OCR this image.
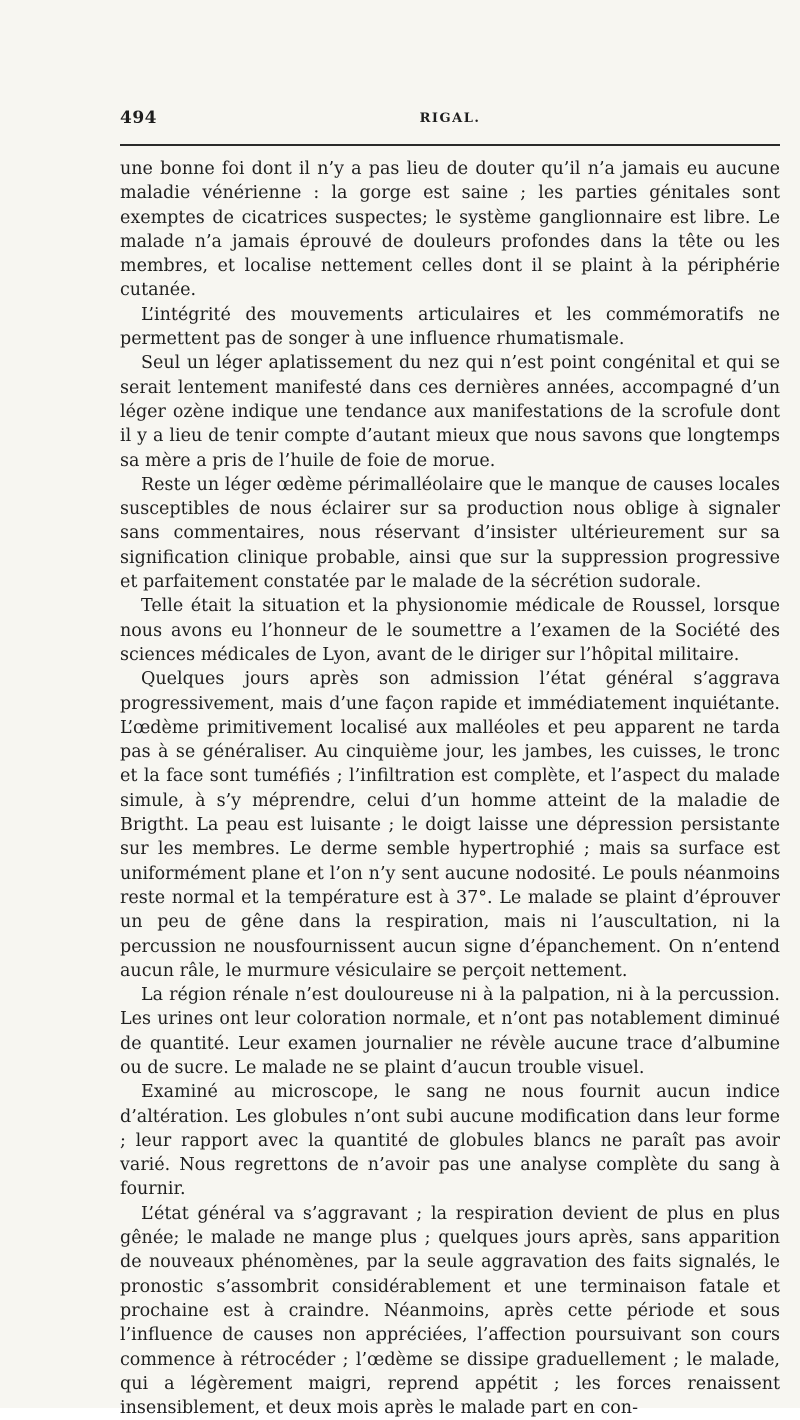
494	RIGAL.

une bonne foi dont il n’y a pas lieu de douter qu’il n’a jamais eu aucune maladie vénérienne : la gorge est saine ; les parties génitales sont exemptes de cicatrices suspectes; le système ganglionnaire est libre. Le malade n’a jamais éprouvé de douleurs profondes dans la tête ou les membres, et localise nettement celles dont il se plaint à la périphérie cutanée.

L’intégrité des mouvements articulaires et les commémoratifs ne permettent pas de songer à une influence rhumatismale.

Seul un léger aplatissement du nez qui n’est point congénital et qui se serait lentement manifesté dans ces dernières années, accompagné d’un léger ozène indique une tendance aux manifestations de la scrofule dont il y a lieu de tenir compte d’autant mieux que nous savons que longtemps sa mère a pris de l’huile de foie de morue.

Reste un léger œdème périmalléolaire que le manque de causes locales susceptibles de nous éclairer sur sa production nous oblige à signaler sans commentaires, nous réservant d’insister ultérieurement sur sa signification clinique probable, ainsi que sur la suppression progressive et parfaitement constatée par le malade de la sécrétion sudorale.

Telle était la situation et la physionomie médicale de Roussel, lorsque nous avons eu l’honneur de le soumettre a l’examen de la Société des sciences médicales de Lyon, avant de le diriger sur l’hôpital militaire.

Quelques jours après son admission l’état général s’aggrava progressivement, mais d’une façon rapide et immédiatement inquiétante. L’œdème primitivement localisé aux malléoles et peu apparent ne tarda pas à se généraliser. Au cinquième jour, les jambes, les cuisses, le tronc et la face sont tuméfiés ; l’infiltration est complète, et l’aspect du malade simule, à s’y méprendre, celui d’un homme atteint de la maladie de Brigtht. La peau est luisante ; le doigt laisse une dépression persistante sur les membres. Le derme semble hypertrophié ; mais sa surface est uniformément plane et l’on n’y sent aucune nodosité. Le pouls néanmoins reste normal et la température est à 37°. Le malade se plaint d’éprouver un peu de gêne dans la respiration, mais ni l’auscultation, ni la percussion ne nousfournissent aucun signe d’épanchement. On n’entend aucun râle, le murmure vésiculaire se perçoit nettement.

La région rénale n’est douloureuse ni à la palpation, ni à la percussion. Les urines ont leur coloration normale, et n’ont pas notablement diminué de quantité. Leur examen journalier ne révèle aucune trace d’albumine ou de sucre. Le malade ne se plaint d’aucun trouble visuel.

Examiné au microscope, le sang ne nous fournit aucun indice d’altération. Les globules n’ont subi aucune modification dans leur forme ; leur rapport avec la quantité de globules blancs ne paraît pas avoir varié. Nous regrettons de n’avoir pas une analyse complète du sang à fournir.

L’état général va s’aggravant ; la respiration devient de plus en plus gênée; le malade ne mange plus ; quelques jours après, sans apparition de nouveaux phénomènes, par la seule aggravation des faits signalés, le pronostic s’assombrit considérablement et une terminaison fatale et prochaine est à craindre. Néanmoins, après cette période et sous l’influence de causes non appréciées, l’affection poursuivant son cours commence à rétrocéder ; l’œdème se dissipe graduellement ; le malade, qui a légèrement maigri, reprend appétit ; les forces renaissent insensiblement, et deux mois après le malade part en con-
